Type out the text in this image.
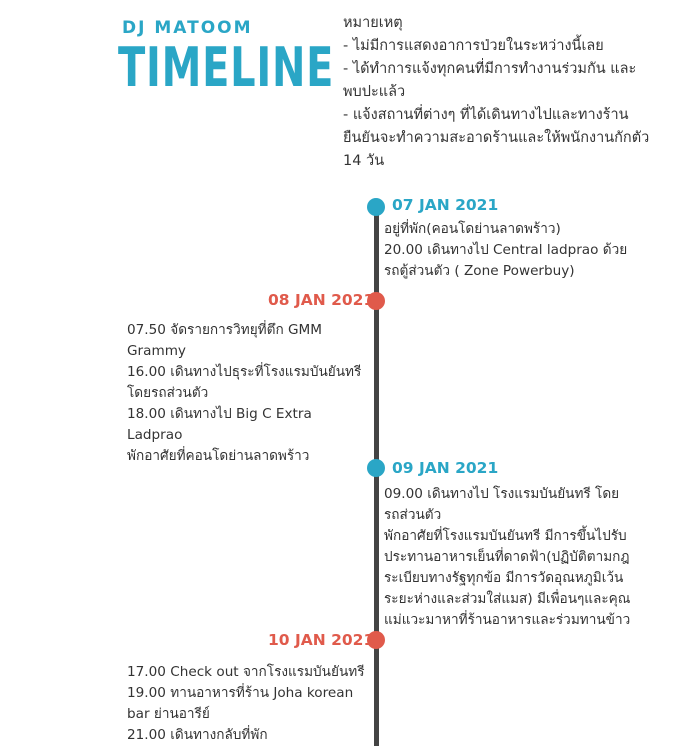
DJ MATOOM
TIMELINE
หมายเหตุ
- ไม่มีการแสดงอาการป่วยในระหว่างนี้เลย
- ได้ทำการแจ้งทุกคนที่มีการทำงานร่วมกัน และ
พบปะแล้ว
- แจ้งสถานที่ต่างๆ ที่ได้เดินทางไปและทางร้าน
ยืนยันจะทำความสะอาดร้านและให้พนักงานกักตัว
14 วัน
07 JAN 2021
อยู่ที่พัก(คอนโดย่านลาดพร้าว)
20.00 เดินทางไป Central ladprao ด้วย
รถตู้ส่วนตัว ( Zone Powerbuy)
08 JAN 2021
07.50 จัดรายการวิทยุที่ตึก GMM
Grammy
16.00 เดินทางไปธุระที่โรงแรมบันยันทรี
โดยรถส่วนตัว
18.00 เดินทางไป Big C Extra
Ladprao
พักอาศัยที่คอนโดย่านลาดพร้าว
09 JAN 2021
09.00 เดินทางไป โรงแรมบันยันทรี โดย
รถส่วนตัว
พักอาศัยที่โรงแรมบันยันทรี มีการขึ้นไปรับ
ประทานอาหารเย็นที่ดาดฟ้า(ปฏิบัติตามกฎ
ระเบียบทางรัฐทุกข้อ มีการวัดอุณหภูมิเว้น
ระยะห่างและส่วมใส่แมส) มีเพื่อนๆและคุณ
แม่แวะมาหาที่ร้านอาหารและร่วมทานข้าว
10 JAN 2021
17.00 Check out จากโรงแรมบันยันทรี
19.00 ทานอาหารที่ร้าน Joha korean
bar ย่านอารีย์
21.00 เดินทางกลับที่พัก
